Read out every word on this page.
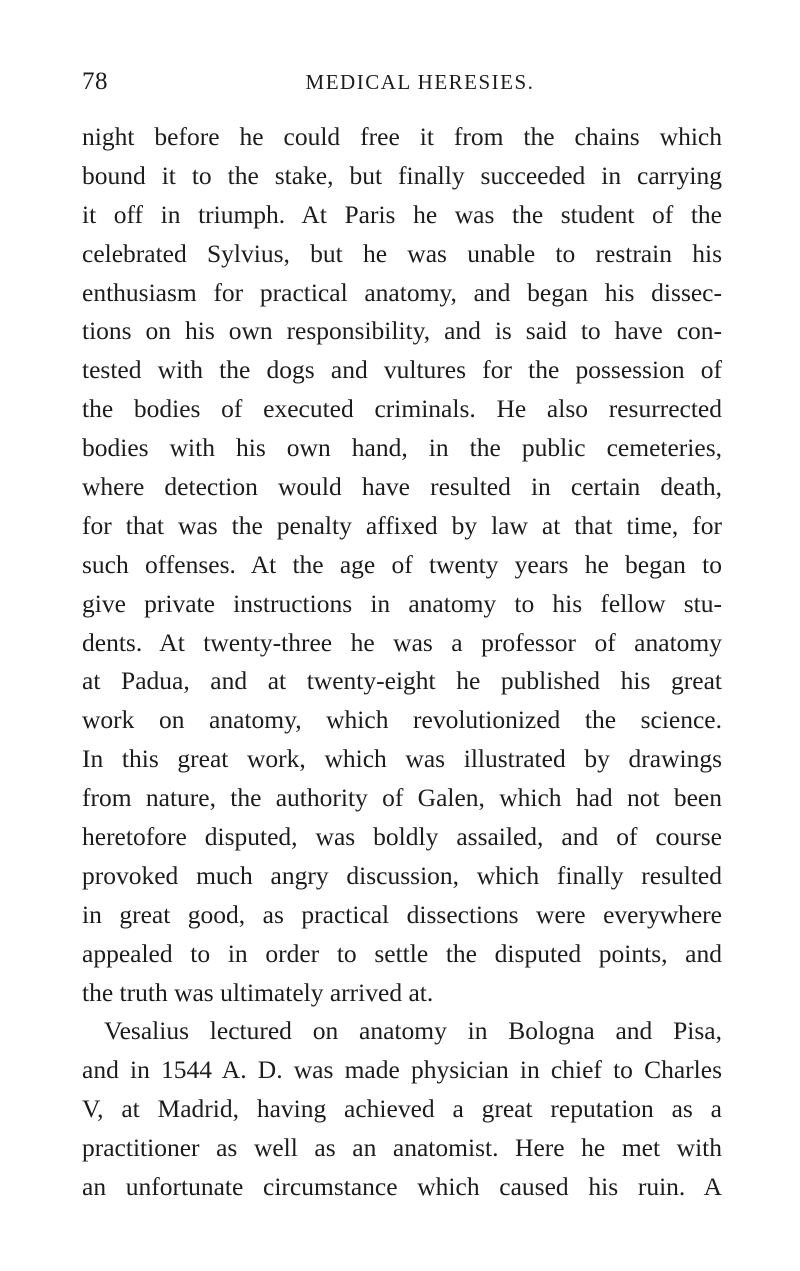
78	MEDICAL HERESIES.
night before he could free it from the chains which
bound it to the stake, but finally succeeded in carrying
it off in triumph. At Paris he was the student of the
celebrated Sylvius, but he was unable to restrain his
enthusiasm for practical anatomy, and began his dissec-
tions on his own responsibility, and is said to have con-
tested with the dogs and vultures for the possession of
the bodies of executed criminals. He also resurrected
bodies with his own hand, in the public cemeteries,
where detection would have resulted in certain death,
for that was the penalty affixed by law at that time, for
such offenses. At the age of twenty years he began to
give private instructions in anatomy to his fellow stu-
dents. At twenty-three he was a professor of anatomy
at Padua, and at twenty-eight he published his great
work on anatomy, which revolutionized the science.
In this great work, which was illustrated by drawings
from nature, the authority of Galen, which had not been
heretofore disputed, was boldly assailed, and of course
provoked much angry discussion, which finally resulted
in great good, as practical dissections were everywhere
appealed to in order to settle the disputed points, and
the truth was ultimately arrived at.
Vesalius lectured on anatomy in Bologna and Pisa,
and in 1544 A. D. was made physician in chief to Charles
V, at Madrid, having achieved a great reputation as a
practitioner as well as an anatomist. Here he met with
an unfortunate circumstance which caused his ruin. A
